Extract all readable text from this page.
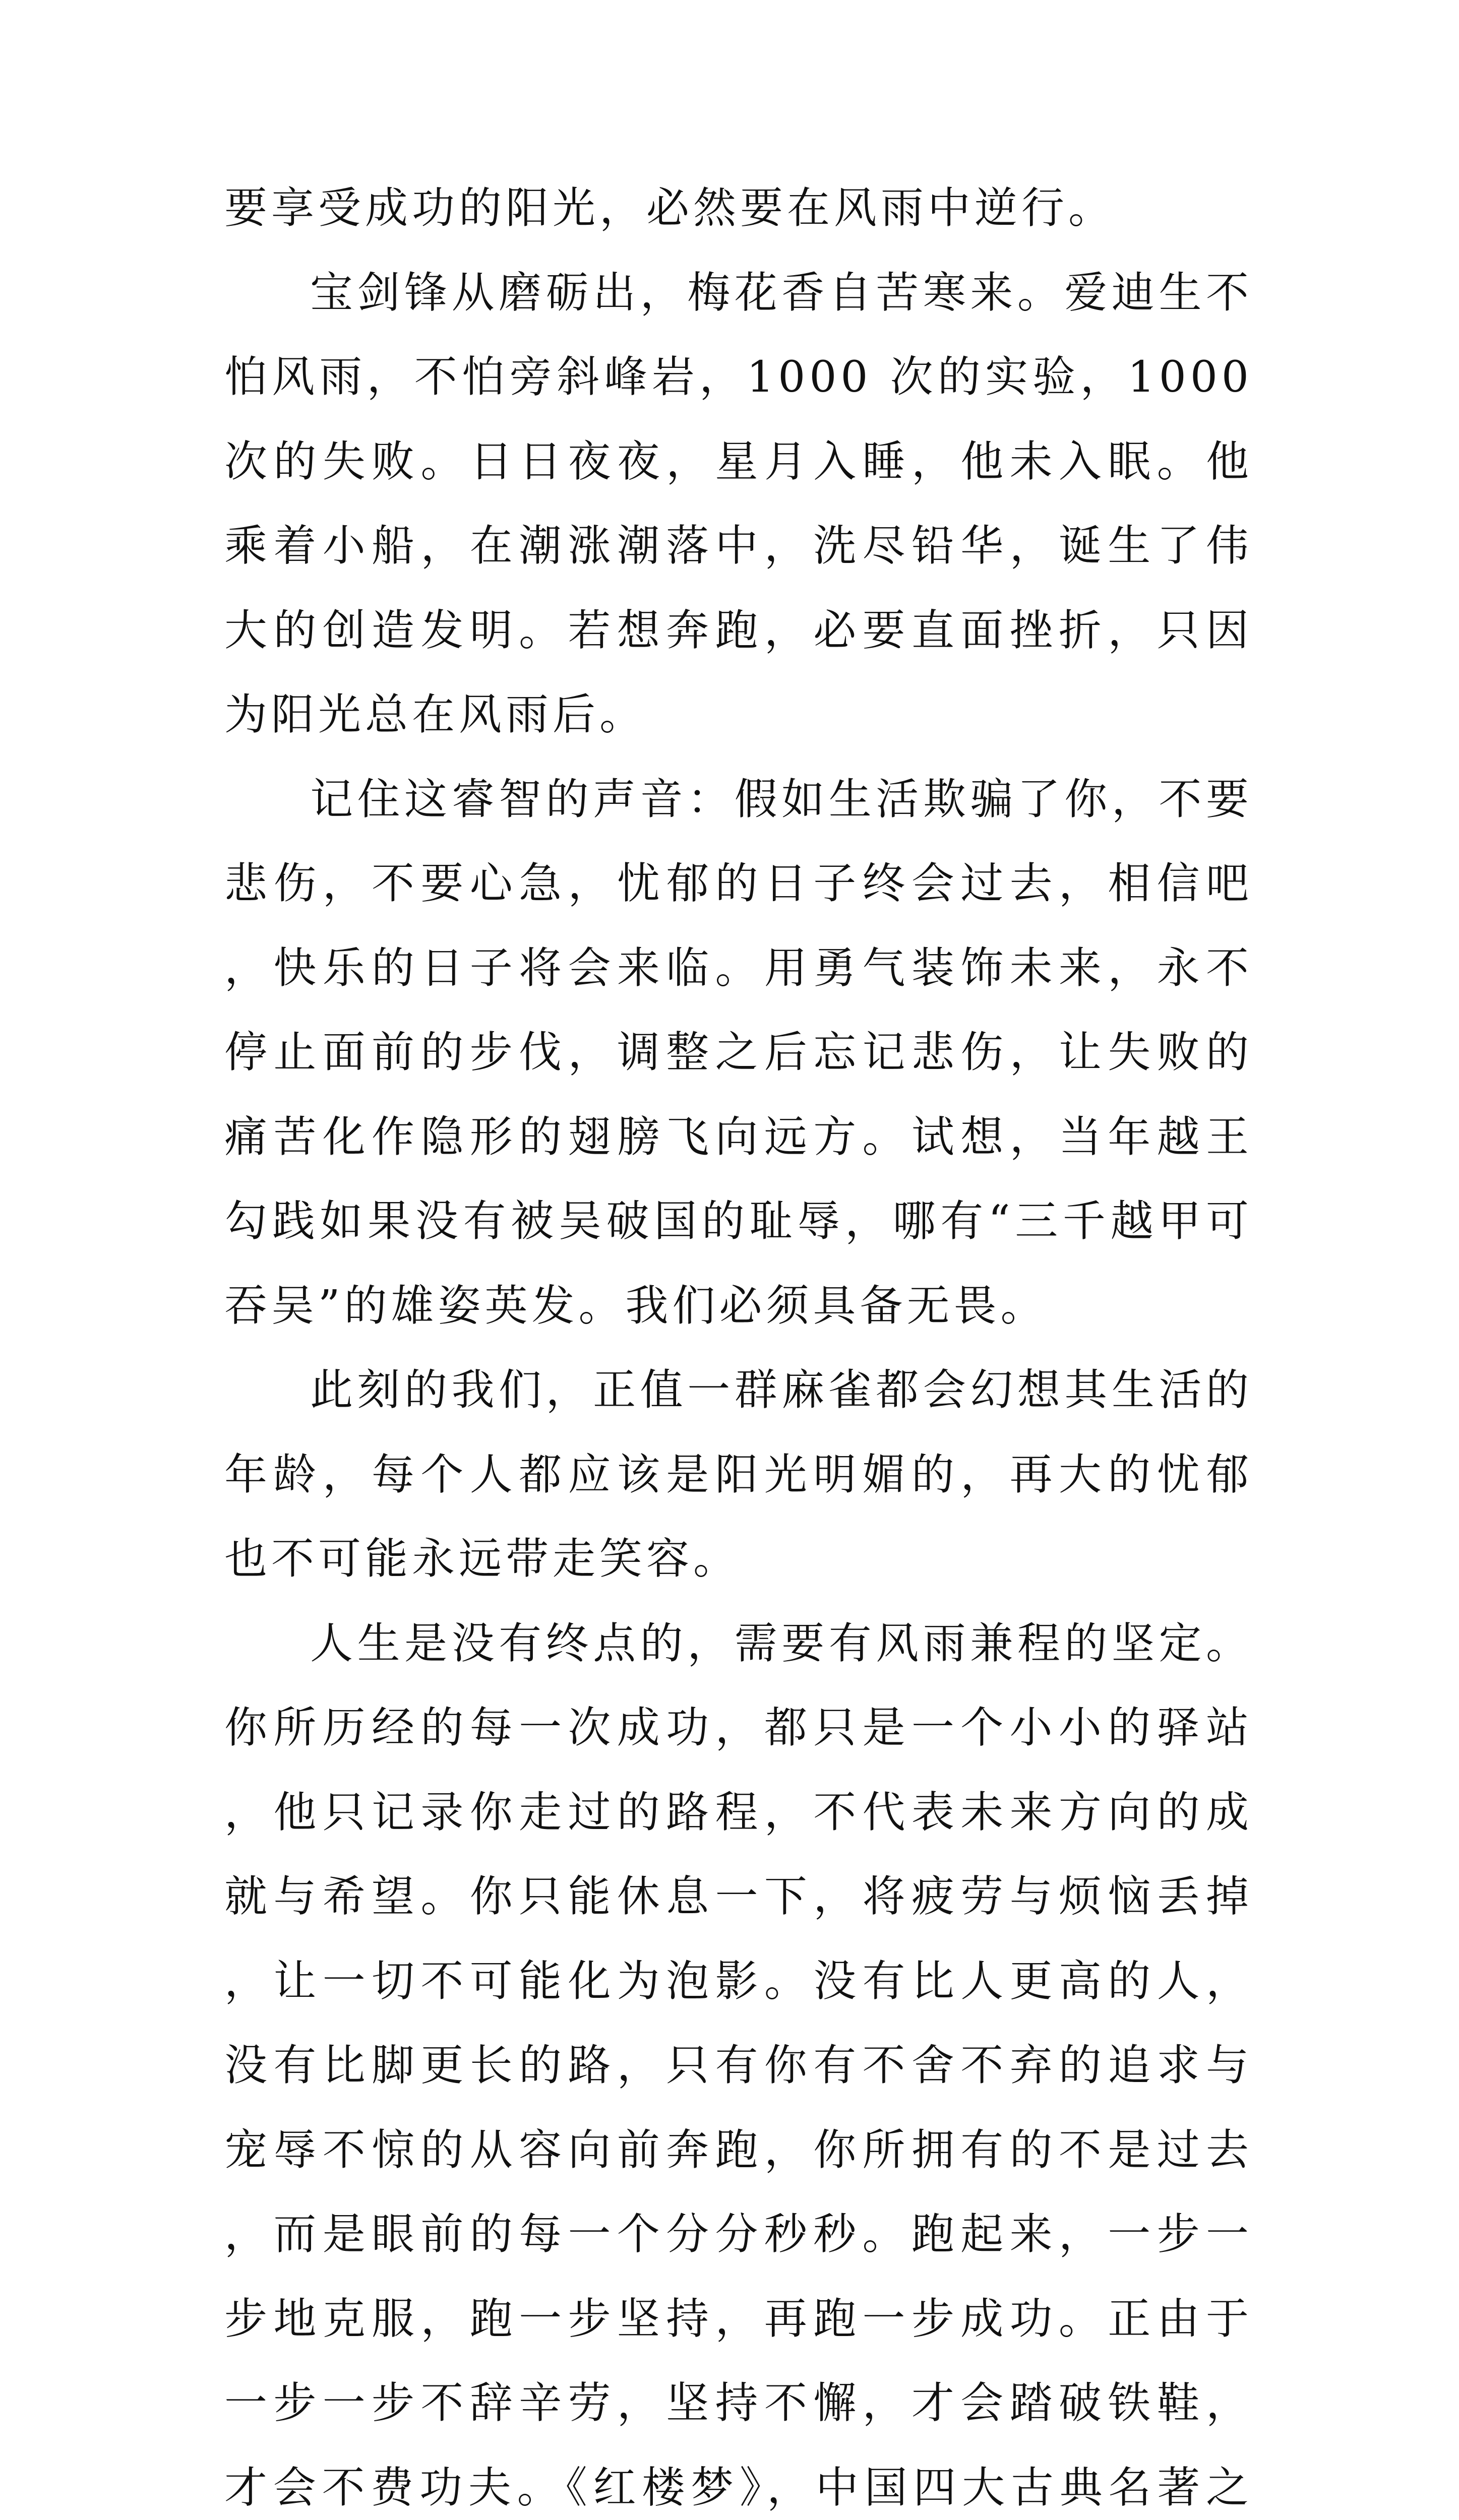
要享受成功的阳光，必然要在风雨中逆行。

宝剑锋从磨砺出，梅花香自苦寒来。爱迪生不怕风雨，不怕旁斜峰岩，1000 次的实验，1000 次的失败。日日夜夜，星月入睡，他未入眠。他乘着小船，在潮涨潮落中，洗尽铅华，诞生了伟大的创造发明。若想奔跑，必要直面挫折，只因为阳光总在风雨后。

记住这睿智的声音：假如生活欺骗了你，不要悲伤，不要心急，忧郁的日子终会过去，相信吧，快乐的日子将会来临。用勇气装饰未来，永不停止面前的步伐，调整之后忘记悲伤，让失败的痛苦化作隐形的翅膀飞向远方。试想，当年越王勾践如果没有被吴破国的耻辱，哪有“三千越甲可吞吴”的雄姿英发。我们必须具备无畏。

此刻的我们，正值一群麻雀都会幻想其生活的年龄，每个人都应该是阳光明媚的，再大的忧郁也不可能永远带走笑容。

人生是没有终点的，需要有风雨兼程的坚定。你所历经的每一次成功，都只是一个小小的驿站，他只记录你走过的路程，不代表未来方向的成就与希望。你只能休息一下，将疲劳与烦恼丢掉，让一切不可能化为泡影。没有比人更高的人，没有比脚更长的路，只有你有不舍不弃的追求与宠辱不惊的从容向前奔跑，你所拥有的不是过去，而是眼前的每一个分分秒秒。跑起来，一步一步地克服，跑一步坚持，再跑一步成功。正由于一步一步不辞辛劳，坚持不懈，才会踏破铁鞋，才会不费功夫。《红楼梦》，中国四大古典名著之
